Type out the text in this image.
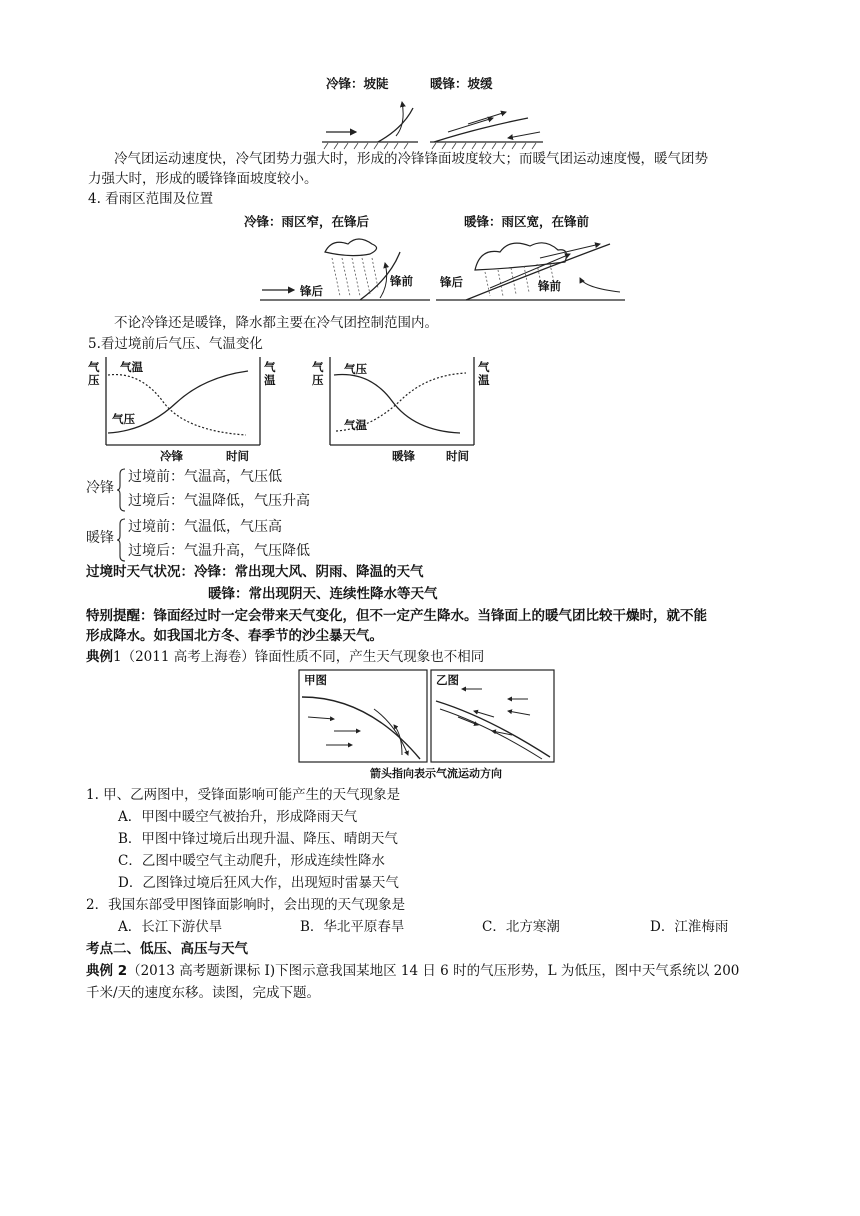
冷锋：坡陡	暖锋：坡缓
冷气团运动速度快，冷气团势力强大时，形成的冷锋锋面坡度较大；而暖气团运动速度慢，暖气团势
力强大时，形成的暖锋锋面坡度较小。
4. 看雨区范围及位置
冷锋：雨区窄，在锋后	暖锋：雨区宽，在锋前
锋前
锋后
锋后	锋前
不论冷锋还是暖锋，降水都主要在冷气团控制范围内。
5.看过境前后气压、气温变化
气
压
气
温
气温
气压
冷锋	时间
气
压
气
温
气压
气温
暖锋	时间
冷锋
过境前：气温高，气压低
过境后：气温降低，气压升高
暖锋
过境前：气温低，气压高
过境后：气温升高，气压降低
过境时天气状况：冷锋：常出现大风、阴雨、降温的天气
暖锋：常出现阴天、连续性降水等天气
特别提醒：锋面经过时一定会带来天气变化，但不一定产生降水。当锋面上的暖气团比较干燥时，就不能
形成降水。如我国北方冬、春季节的沙尘暴天气。
典例1（2011 高考上海卷）锋面性质不同，产生天气现象也不相同
甲图	乙图
箭头指向表示气流运动方向
1. 甲、乙两图中，受锋面影响可能产生的天气现象是
A．甲图中暖空气被抬升，形成降雨天气
B．甲图中锋过境后出现升温、降压、晴朗天气
C．乙图中暖空气主动爬升，形成连续性降水
D．乙图锋过境后狂风大作，出现短时雷暴天气
2．我国东部受甲图锋面影响时，会出现的天气现象是
A．长江下游伏旱	B．华北平原春旱	C．北方寒潮	D．江淮梅雨
考点二、低压、高压与天气
典例 2（2013 高考题新课标 I)下图示意我国某地区 14 日 6 时的气压形势，L 为低压，图中天气系统以 200
千米/天的速度东移。读图，完成下题。
